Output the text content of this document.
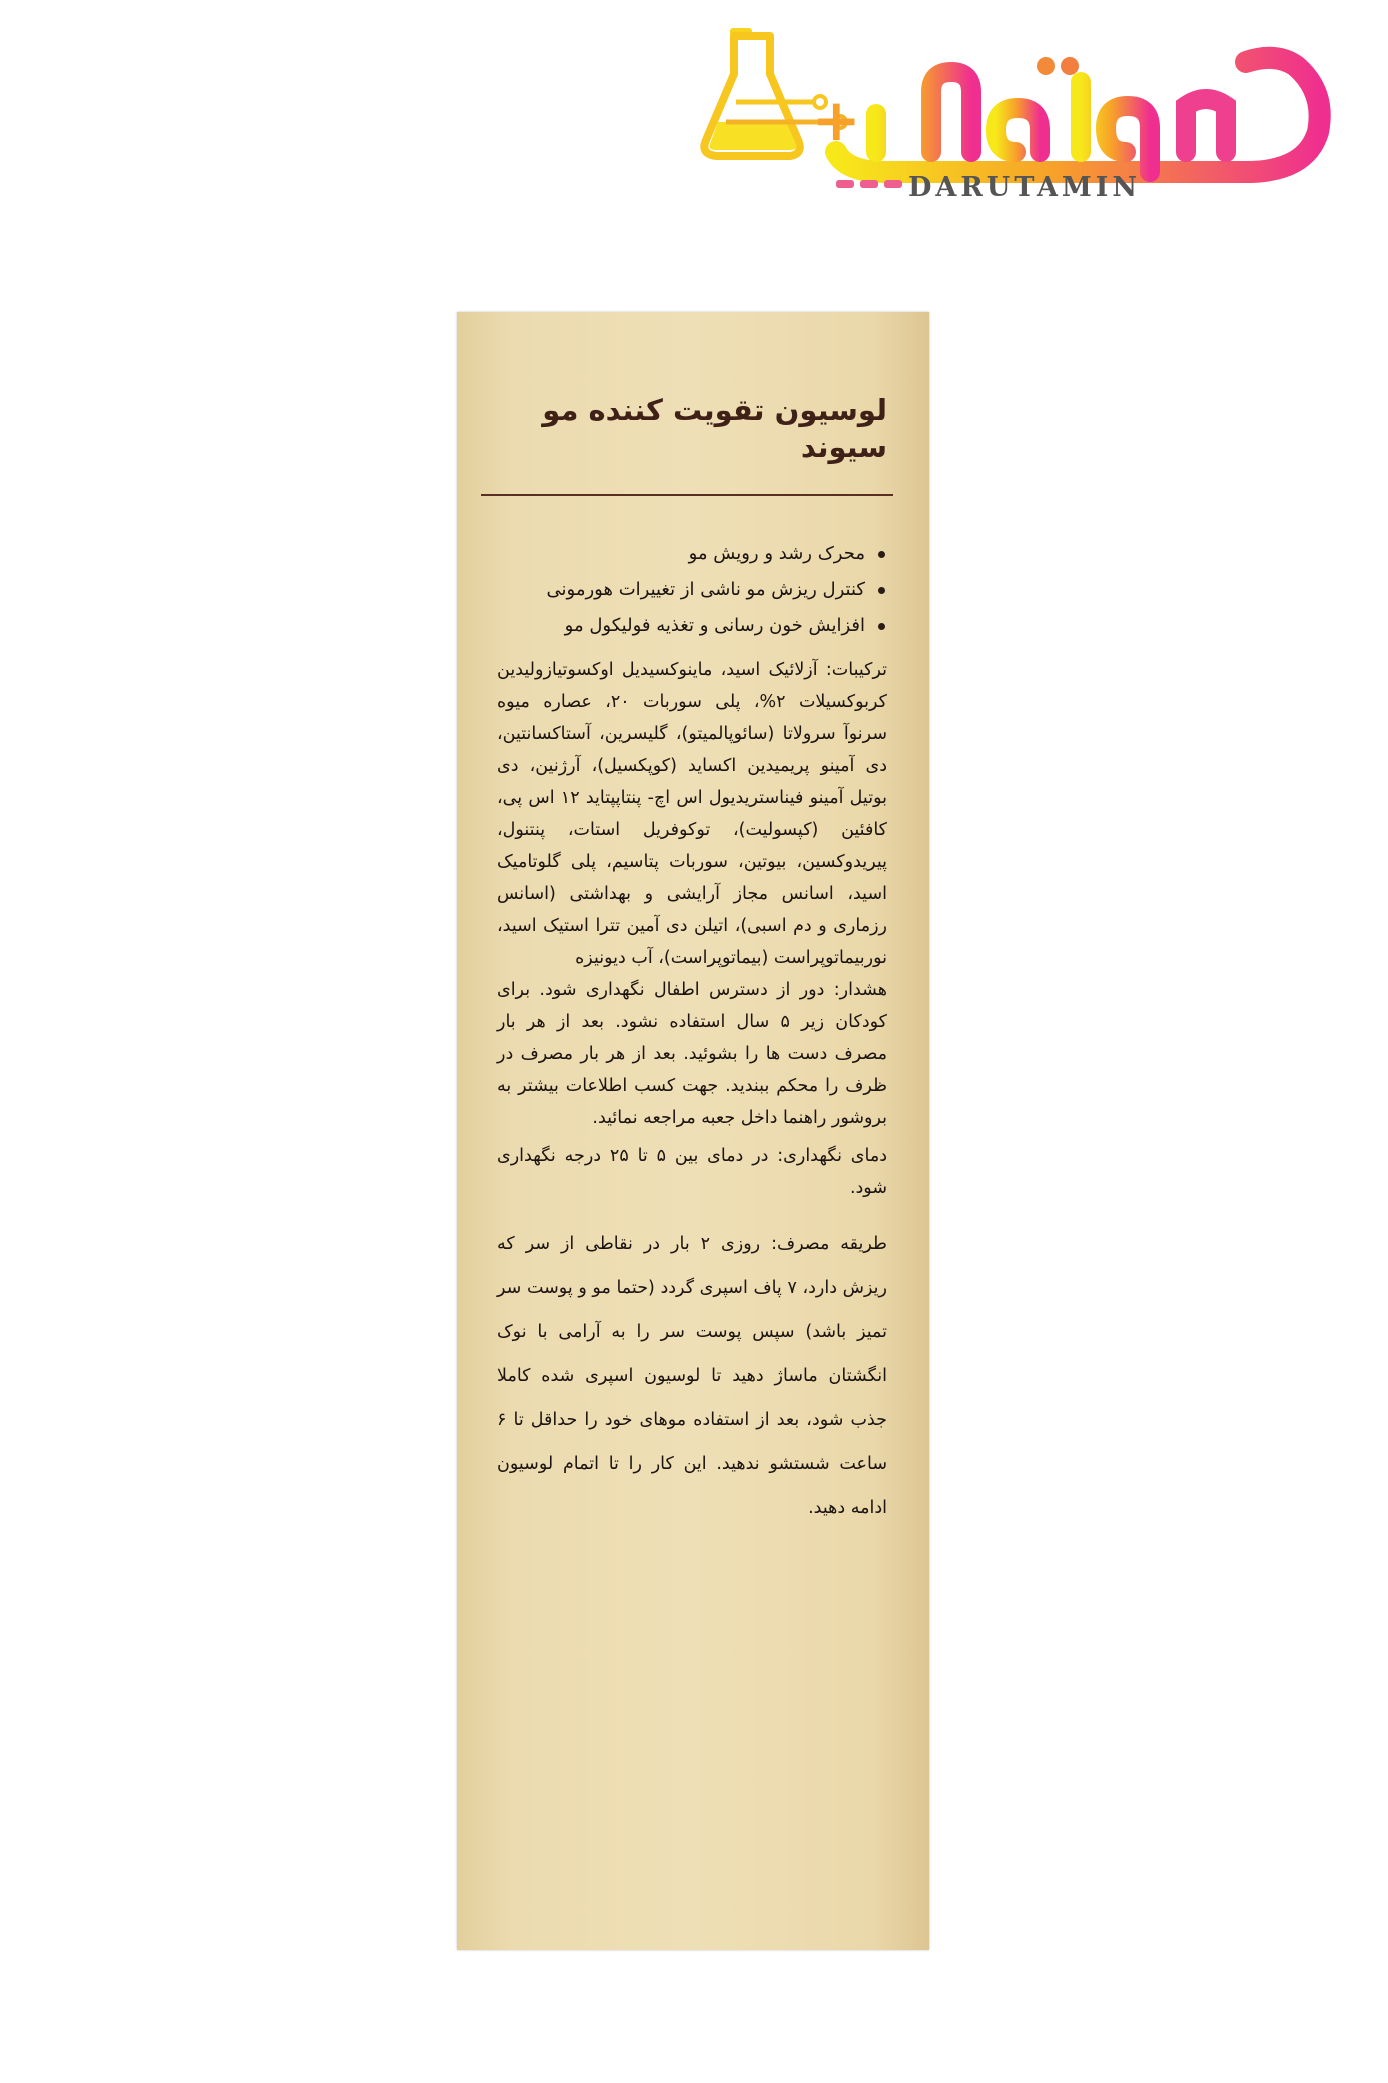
+
DARUTAMIN
لوسیون تقویت کننده مو
سیوند
محرک رشد و رویش مو
کنترل ریزش مو ناشی از تغییرات هورمونی
افزایش خون رسانی و تغذیه فولیکول مو

ترکیبات: آزلائیک اسید، ماینوکسیدیل اوکسوتیازولیدین کربوکسیلات ۲%، پلی سوربات ۲۰، عصاره میوه سرنوآ سرولاتا (سائوپالمیتو)، گلیسرین، آستاکسانتین، دی آمینو پریمیدین اکساید (کوپکسیل)، آرژنین، دی بوتیل آمینو فیناستریدیول اس اچ- پنتاپپتاید ۱۲ اس پی، کافئین (کپسولیت)، توکوفریل استات، پنتنول، پیریدوکسین، بیوتین، سوربات پتاسیم، پلی گلوتامیک اسید، اسانس مجاز آرایشی و بهداشتی (اسانس رزماری و دم اسبی)، اتیلن دی آمین تترا استیک اسید، نوربیماتوپراست (بیماتوپراست)، آب دیونیزه

هشدار: دور از دسترس اطفال نگهداری شود. برای کودکان زیر ۵ سال استفاده نشود. بعد از هر بار مصرف دست ها را بشوئید. بعد از هر بار مصرف در ظرف را محکم ببندید. جهت کسب اطلاعات بیشتر به بروشور راهنما داخل جعبه مراجعه نمائید.

دمای نگهداری: در دمای بین ۵ تا ۲۵ درجه نگهداری شود.

طریقه مصرف: روزی ۲ بار در نقاطی از سر که ریزش دارد، ۷ پاف اسپری گردد (حتما مو و پوست سر تمیز باشد) سپس پوست سر را به آرامی با نوک انگشتان ماساژ دهید تا لوسیون اسپری شده کاملا جذب شود، بعد از استفاده موهای خود را حداقل تا ۶ ساعت شستشو ندهید. این کار را تا اتمام لوسیون ادامه دهید.
